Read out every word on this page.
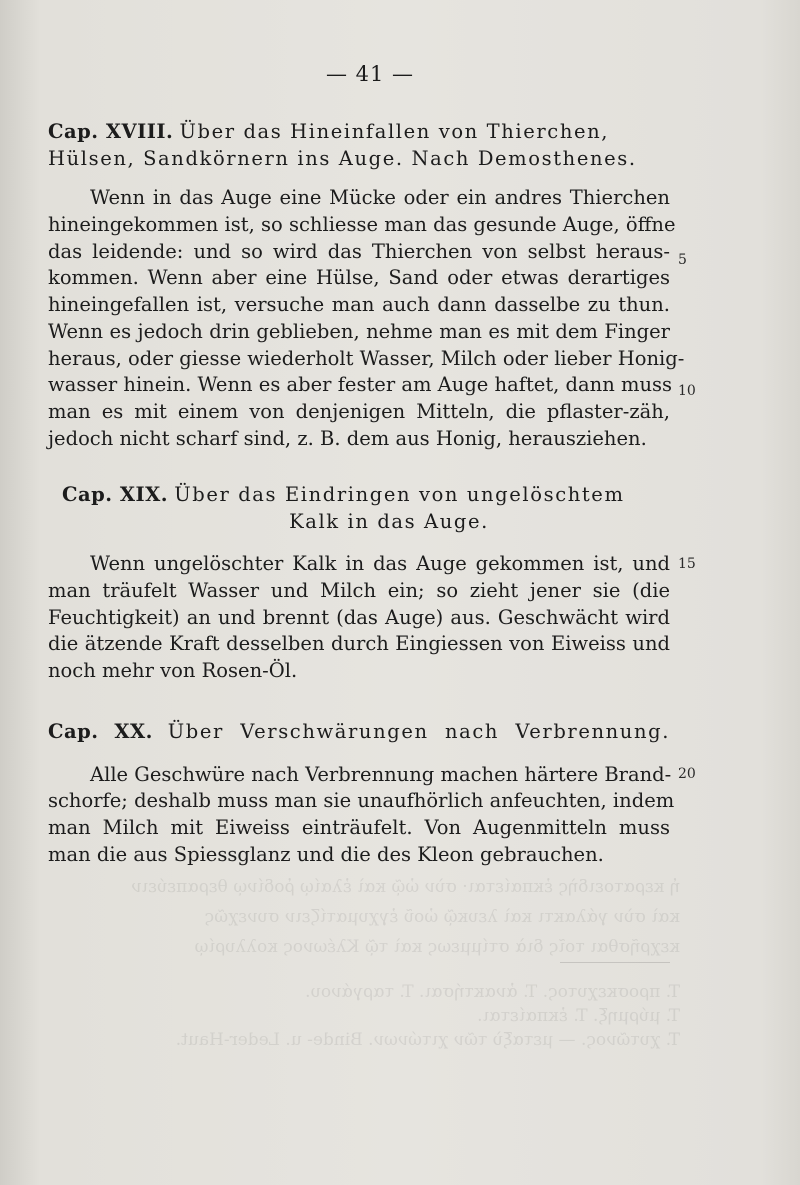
ἡ κερατοειδὴς ἐκπαίεται· σὺν ὠῷ καὶ ἐλαίῳ ῥοδίνῳ θεραπεύειν
καὶ σὺν γάλακτι καὶ λευκῷ ὠοῦ ἐγχυματίζειν συνεχῶς
κεχρῆσθαι τοῖς διὰ στίμμεως καὶ τῷ Κλέωνος κολλυρίῳ
T. προσκεχυτος. T. ἀνακτήσαι. T. ταργάνου.
T. μύρμηξ. T. ἐκπαίεται.
T. χυτῶνος. — μεταξὺ τῶν χιτώνων. Binde- u. Leder-Haut.
— 41 —
Cap. XVIII. Über das Hineinfallen von Thierchen,
Hülsen, Sandkörnern ins Auge. Nach Demosthenes.
Wenn in das Auge eine Mücke oder ein andres Thierchen
hineingekommen ist, so schliesse man das gesunde Auge, öffne
das leidende: und so wird das Thierchen von selbst heraus-
kommen. Wenn aber eine Hülse, Sand oder etwas derartiges
hineingefallen ist, versuche man auch dann dasselbe zu thun.
Wenn es jedoch drin geblieben, nehme man es mit dem Finger
heraus, oder giesse wiederholt Wasser, Milch oder lieber Honig-
wasser hinein. Wenn es aber fester am Auge haftet, dann muss
man es mit einem von denjenigen Mitteln, die pflaster-zäh,
jedoch nicht scharf sind, z. B. dem aus Honig, herausziehen.
Cap. XIX. Über das Eindringen von ungelöschtem
Kalk in das Auge.
Wenn ungelöschter Kalk in das Auge gekommen ist, und
man träufelt Wasser und Milch ein; so zieht jener sie (die
Feuchtigkeit) an und brennt (das Auge) aus. Geschwächt wird
die ätzende Kraft desselben durch Eingiessen von Eiweiss und
noch mehr von Rosen-Öl.
Cap. XX. Über Verschwärungen nach Verbrennung.
Alle Geschwüre nach Verbrennung machen härtere Brand-
schorfe; deshalb muss man sie unaufhörlich anfeuchten, indem
man Milch mit Eiweiss einträufelt. Von Augenmitteln muss
man die aus Spiessglanz und die des Kleon gebrauchen.
5
10
15
20
